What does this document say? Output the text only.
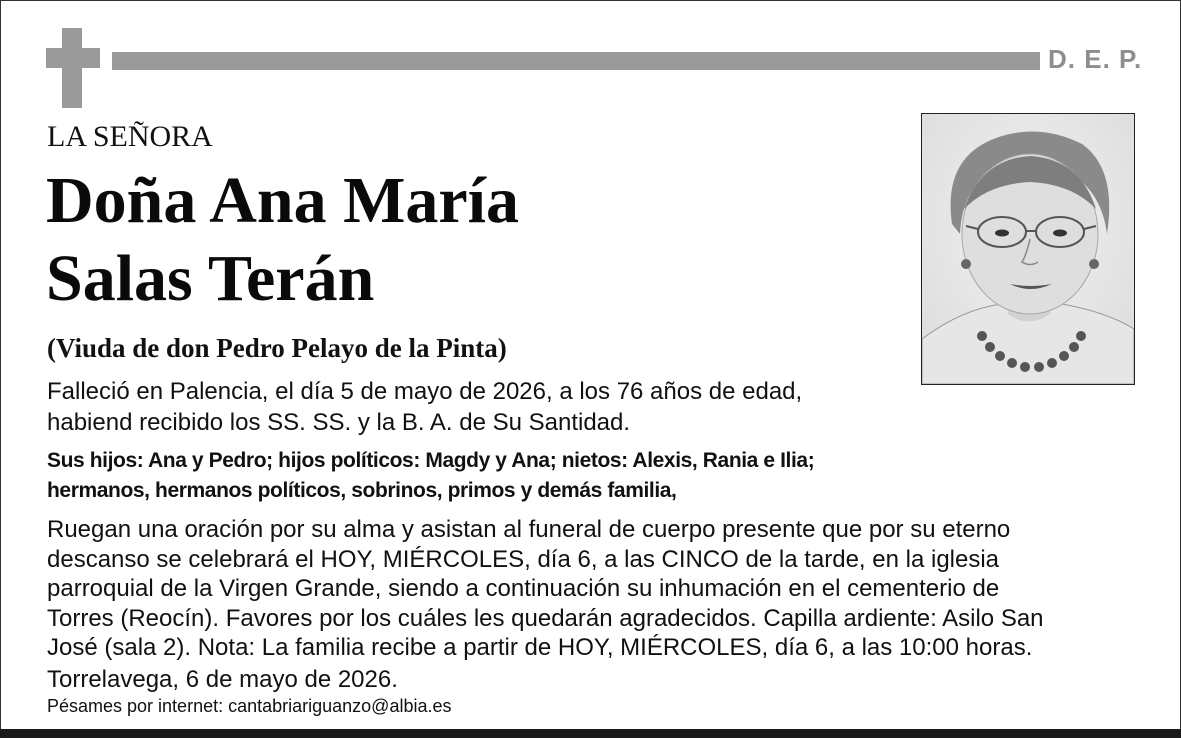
D. E. P.
LA SEÑORA
Doña Ana María
Salas Terán
(Viuda de don Pedro Pelayo de la Pinta)
Falleció en Palencia, el día 5 de mayo de 2026, a los 76 años de edad,
habiend recibido los SS. SS. y la B. A. de Su Santidad.
Sus hijos: Ana y Pedro; hijos políticos: Magdy y Ana; nietos: Alexis, Rania e Ilia;
hermanos, hermanos políticos, sobrinos, primos y demás familia,
Ruegan una oración por su alma y asistan al funeral de cuerpo presente que por su eterno
descanso se celebrará el HOY, MIÉRCOLES, día 6, a las CINCO de la tarde, en la iglesia
parroquial de la Virgen Grande, siendo a continuación su inhumación en el cementerio de
Torres (Reocín). Favores por los cuáles les quedarán agradecidos. Capilla ardiente: Asilo San
José (sala 2). Nota: La familia recibe a partir de HOY, MIÉRCOLES, día 6, a las 10:00 horas.
Torrelavega, 6 de mayo de 2026.
Pésames por internet: cantabriariguanzo@albia.es
